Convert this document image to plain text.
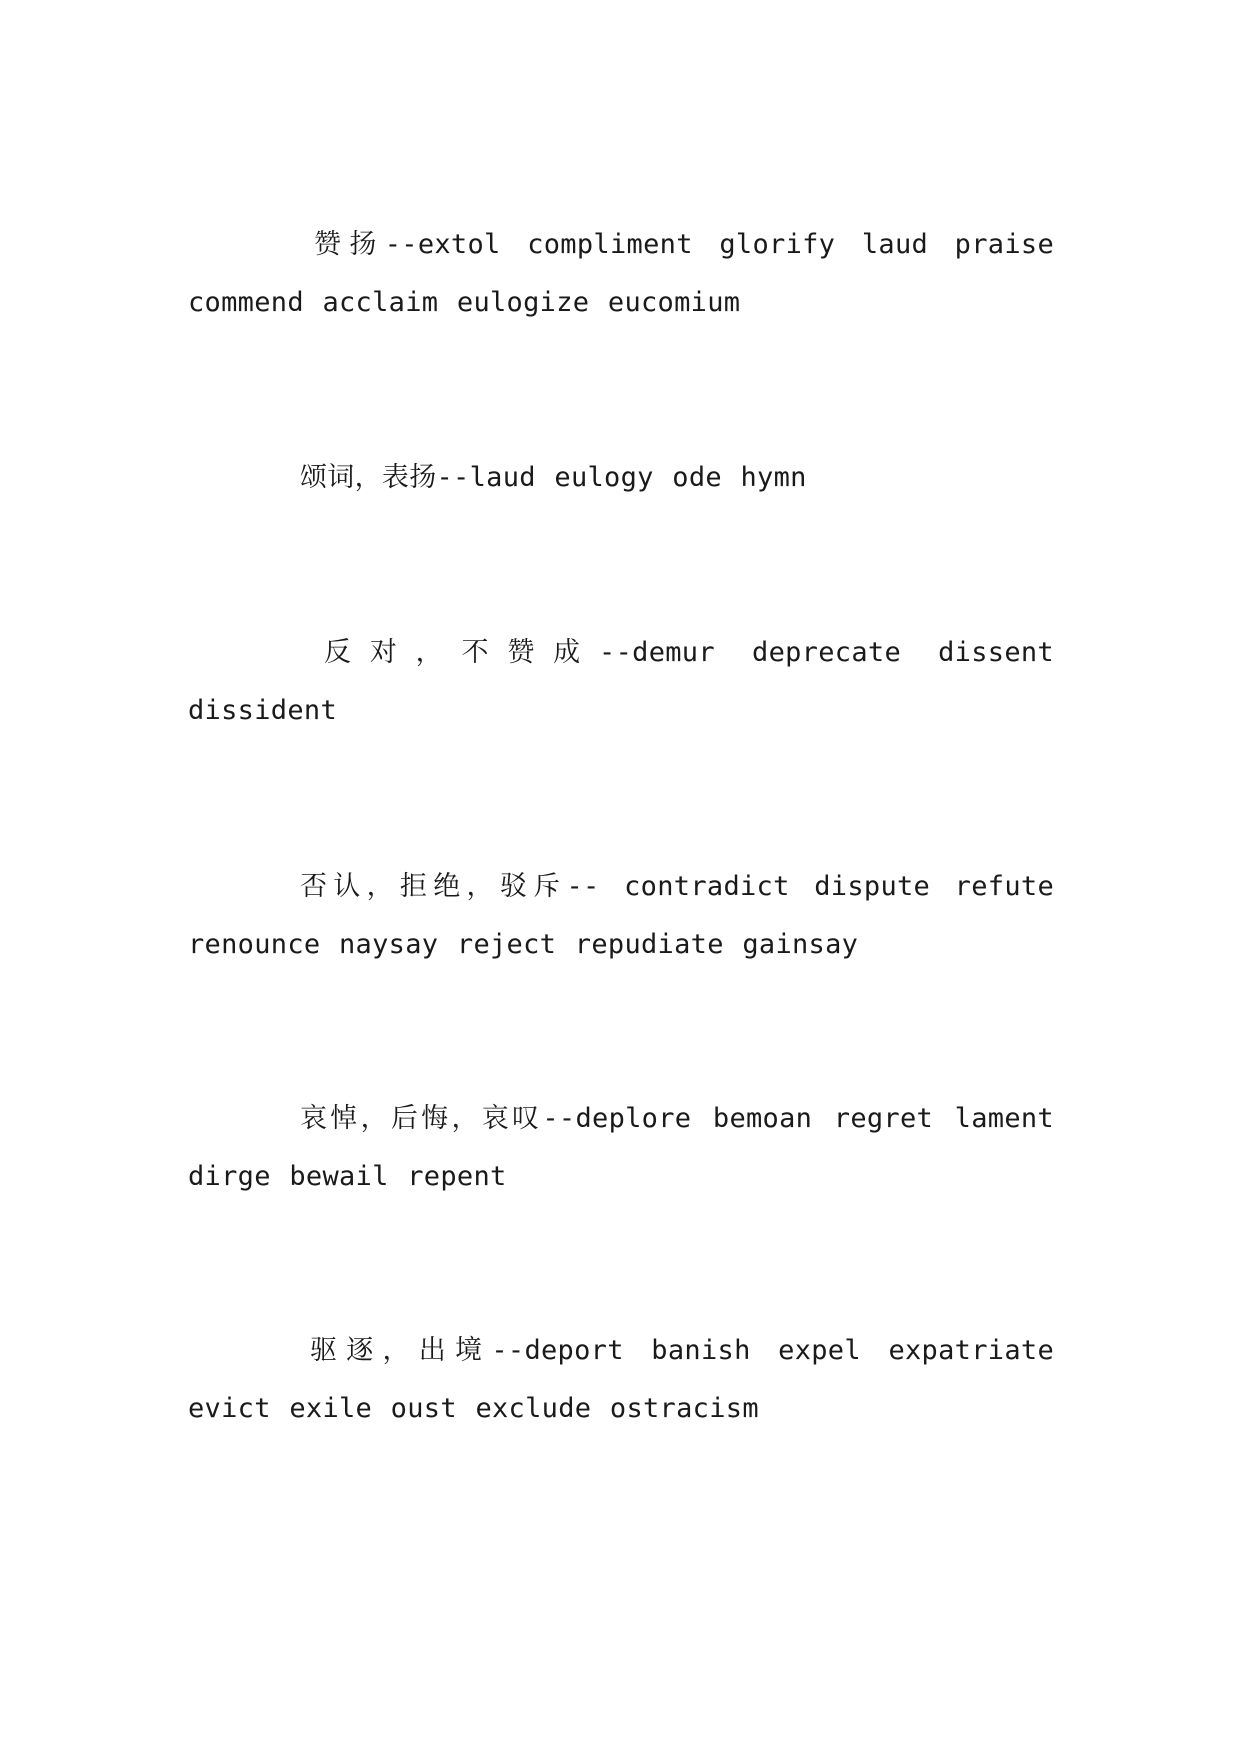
赞扬--extol compliment glorify laud praise commend acclaim eulogize eucomium

颂词，表扬--laud eulogy ode hymn

反对，不赞成--demur deprecate dissent dissident

否认，拒绝，驳斥-- contradict dispute refute renounce naysay reject repudiate gainsay

哀悼，后悔，哀叹--deplore bemoan regret lament dirge bewail repent

驱逐，出境--deport banish expel expatriate evict exile oust exclude ostracism
